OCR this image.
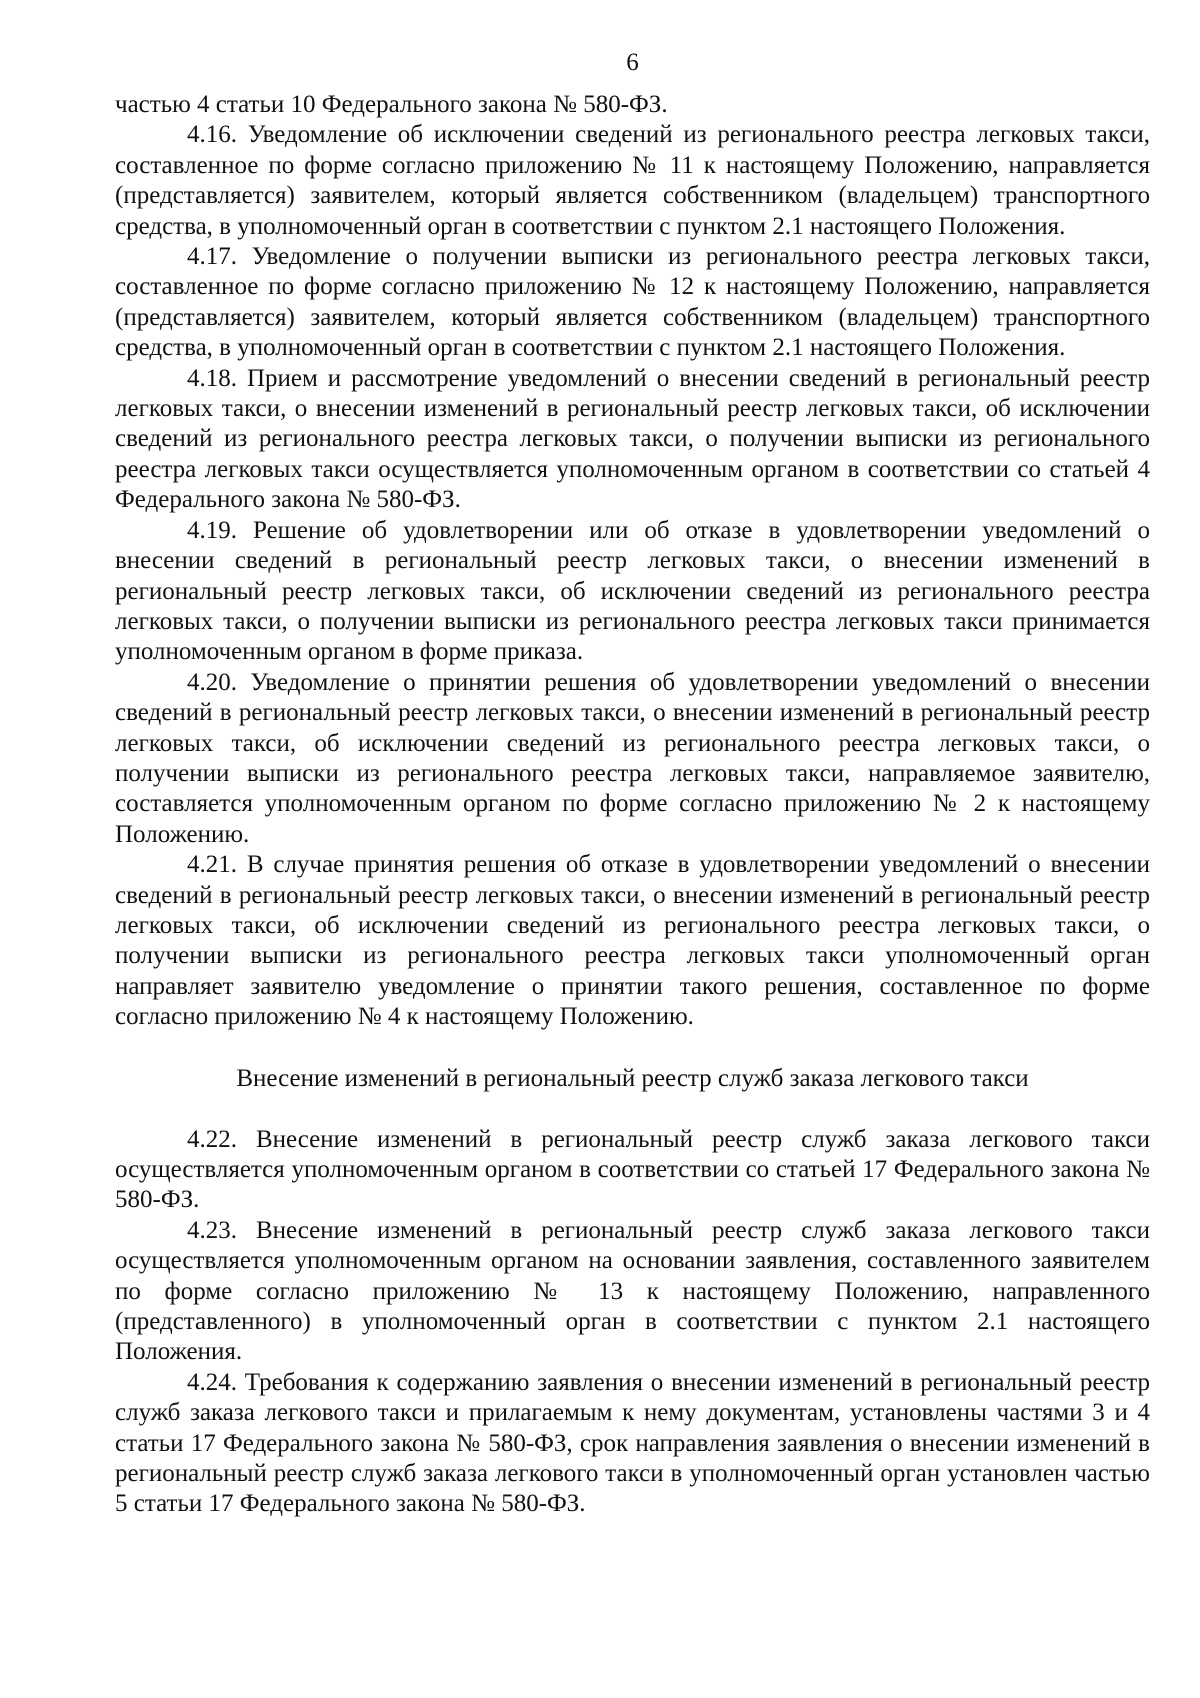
6

частью 4 статьи 10 Федерального закона № 580-ФЗ.

4.16. Уведомление об исключении сведений из регионального реестра легковых такси, составленное по форме согласно приложению № 11 к настоящему Положению, направляется (представляется) заявителем, который является собственником (владельцем) транспортного средства, в уполномоченный орган в соответствии с пунктом 2.1 настоящего Положения.

4.17. Уведомление о получении выписки из регионального реестра легковых такси, составленное по форме согласно приложению № 12 к настоящему Положению, направляется (представляется) заявителем, который является собственником (владельцем) транспортного средства, в уполномоченный орган в соответствии с пунктом 2.1 настоящего Положения.

4.18. Прием и рассмотрение уведомлений о внесении сведений в региональный реестр легковых такси, о внесении изменений в региональный реестр легковых такси, об исключении сведений из регионального реестра легковых такси, о получении выписки из регионального реестра легковых такси осуществляется уполномоченным органом в соответствии со статьей 4 Федерального закона № 580-ФЗ.

4.19. Решение об удовлетворении или об отказе в удовлетворении уведомлений о внесении сведений в региональный реестр легковых такси, о внесении изменений в региональный реестр легковых такси, об исключении сведений из регионального реестра легковых такси, о получении выписки из регионального реестра легковых такси принимается уполномоченным органом в форме приказа.

4.20. Уведомление о принятии решения об удовлетворении уведомлений о внесении сведений в региональный реестр легковых такси, о внесении изменений в региональный реестр легковых такси, об исключении сведений из регионального реестра легковых такси, о получении выписки из регионального реестра легковых такси, направляемое заявителю, составляется уполномоченным органом по форме согласно приложению № 2 к настоящему Положению.

4.21. В случае принятия решения об отказе в удовлетворении уведомлений о внесении сведений в региональный реестр легковых такси, о внесении изменений в региональный реестр легковых такси, об исключении сведений из регионального реестра легковых такси, о получении выписки из регионального реестра легковых такси уполномоченный орган направляет заявителю уведомление о принятии такого решения, составленное по форме согласно приложению № 4 к настоящему Положению.

Внесение изменений в региональный реестр служб заказа легкового такси

4.22. Внесение изменений в региональный реестр служб заказа легкового такси осуществляется уполномоченным органом в соответствии со статьей 17 Федерального закона № 580-ФЗ.

4.23. Внесение изменений в региональный реестр служб заказа легкового такси осуществляется уполномоченным органом на основании заявления, составленного заявителем по форме согласно приложению № 13 к настоящему Положению, направленного (представленного) в уполномоченный орган в соответствии с пунктом 2.1 настоящего Положения.

4.24. Требования к содержанию заявления о внесении изменений в региональный реестр служб заказа легкового такси и прилагаемым к нему документам, установлены частями 3 и 4 статьи 17 Федерального закона № 580-ФЗ, срок направления заявления о внесении изменений в региональный реестр служб заказа легкового такси в уполномоченный орган установлен частью 5 статьи 17 Федерального закона № 580-ФЗ.
